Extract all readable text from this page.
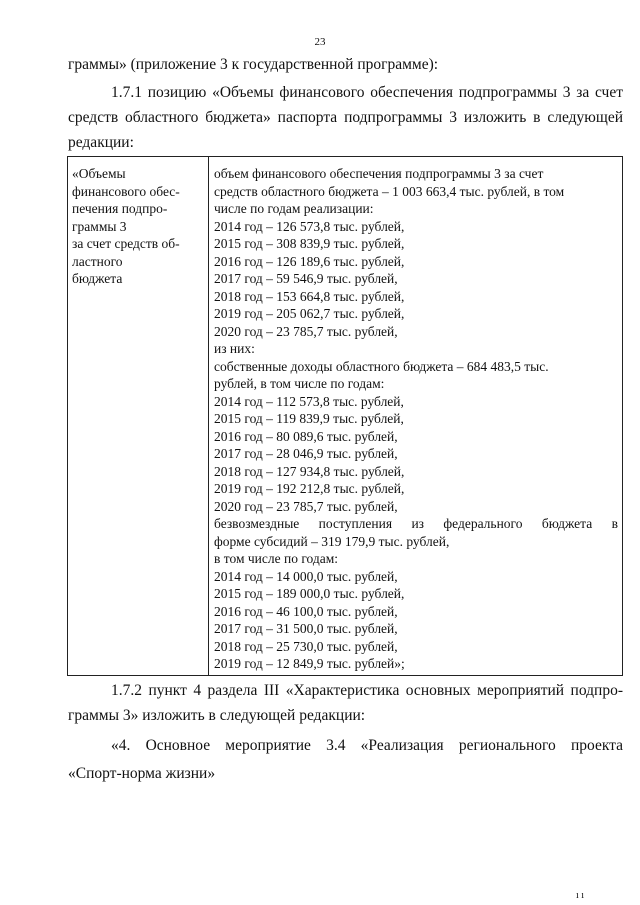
23
граммы» (приложение 3 к государственной программе):
1.7.1 позицию «Объемы финансового обеспечения подпрограммы 3 за счет
средств областного бюджета» паспорта подпрограммы 3 изложить в следующей
редакции:
«Объемы
финансового обес-
печения подпро-
граммы 3
за счет средств об-
ластного
бюджета
объем финансового обеспечения подпрограммы 3 за счет
средств областного бюджета – 1 003 663,4 тыс. рублей, в том
числе по годам реализации:
2014 год – 126 573,8 тыс. рублей,
2015 год – 308 839,9 тыс. рублей,
2016 год – 126 189,6 тыс. рублей,
2017 год – 59 546,9 тыс. рублей,
2018 год – 153 664,8 тыс. рублей,
2019 год – 205 062,7 тыс. рублей,
2020 год – 23 785,7 тыс. рублей,
из них:
собственные доходы областного бюджета – 684 483,5 тыс.
рублей, в том числе по годам:
2014 год – 112 573,8 тыс. рублей,
2015 год – 119 839,9 тыс. рублей,
2016 год – 80 089,6 тыс. рублей,
2017 год – 28 046,9 тыс. рублей,
2018 год – 127 934,8 тыс. рублей,
2019 год – 192 212,8 тыс. рублей,
2020 год – 23 785,7 тыс. рублей,
безвозмездные поступления из федерального бюджета в
форме субсидий – 319 179,9 тыс. рублей,
в том числе по годам:
2014 год – 14 000,0 тыс. рублей,
2015 год – 189 000,0 тыс. рублей,
2016 год – 46 100,0 тыс. рублей,
2017 год – 31 500,0 тыс. рублей,
2018 год – 25 730,0 тыс. рублей,
2019 год – 12 849,9 тыс. рублей»;
1.7.2 пункт 4 раздела III «Характеристика основных мероприятий подпро-
граммы 3» изложить в следующей редакции:
«4. Основное мероприятие 3.4 «Реализация регионального проекта
«Спорт-норма жизни»
ı ı
